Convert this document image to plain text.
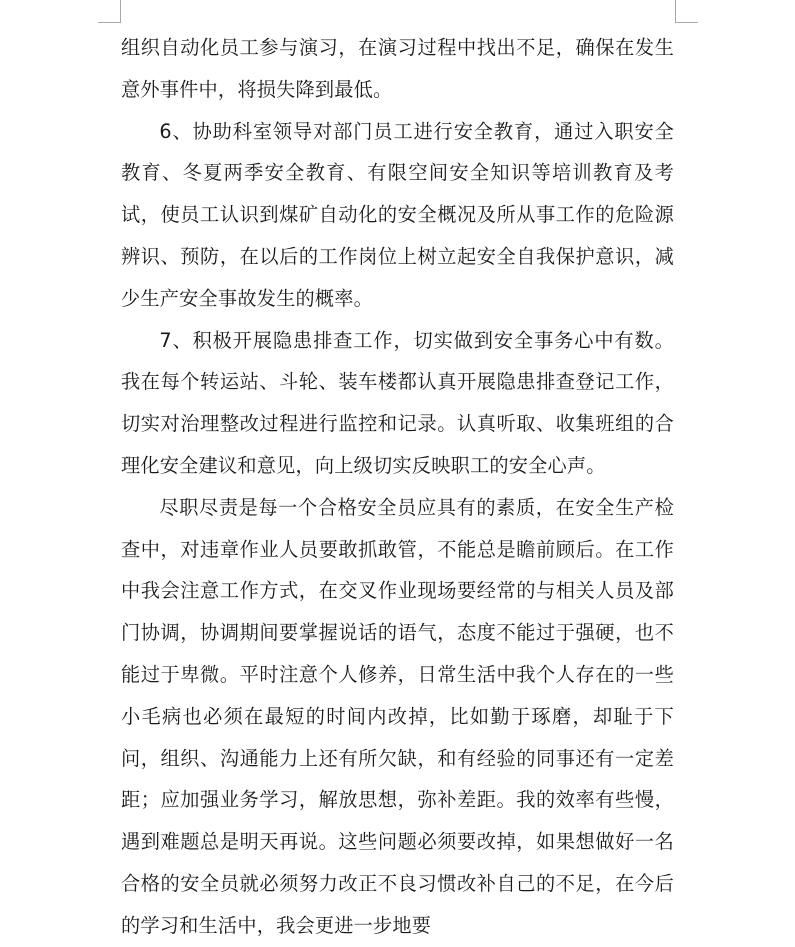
组织自动化员工参与演习，在演习过程中找出不足，确保在发生意外事件中，将损失降到最低。

6、协助科室领导对部门员工进行安全教育，通过入职安全教育、冬夏两季安全教育、有限空间安全知识等培训教育及考试，使员工认识到煤矿自动化的安全概况及所从事工作的危险源辨识、预防，在以后的工作岗位上树立起安全自我保护意识，减少生产安全事故发生的概率。

7、积极开展隐患排查工作，切实做到安全事务心中有数。我在每个转运站、斗轮、装车楼都认真开展隐患排查登记工作，切实对治理整改过程进行监控和记录。认真听取、收集班组的合理化安全建议和意见，向上级切实反映职工的安全心声。

尽职尽责是每一个合格安全员应具有的素质，在安全生产检查中，对违章作业人员要敢抓敢管，不能总是瞻前顾后。在工作中我会注意工作方式，在交叉作业现场要经常的与相关人员及部门协调，协调期间要掌握说话的语气，态度不能过于强硬，也不能过于卑微。平时注意个人修养，日常生活中我个人存在的一些小毛病也必须在最短的时间内改掉，比如勤于琢磨，却耻于下问，组织、沟通能力上还有所欠缺，和有经验的同事还有一定差距；应加强业务学习，解放思想，弥补差距。我的效率有些慢，遇到难题总是明天再说。这些问题必须要改掉，如果想做好一名合格的安全员就必须努力改正不良习惯改补自己的不足，在今后的学习和生活中，我会更进一步地要
